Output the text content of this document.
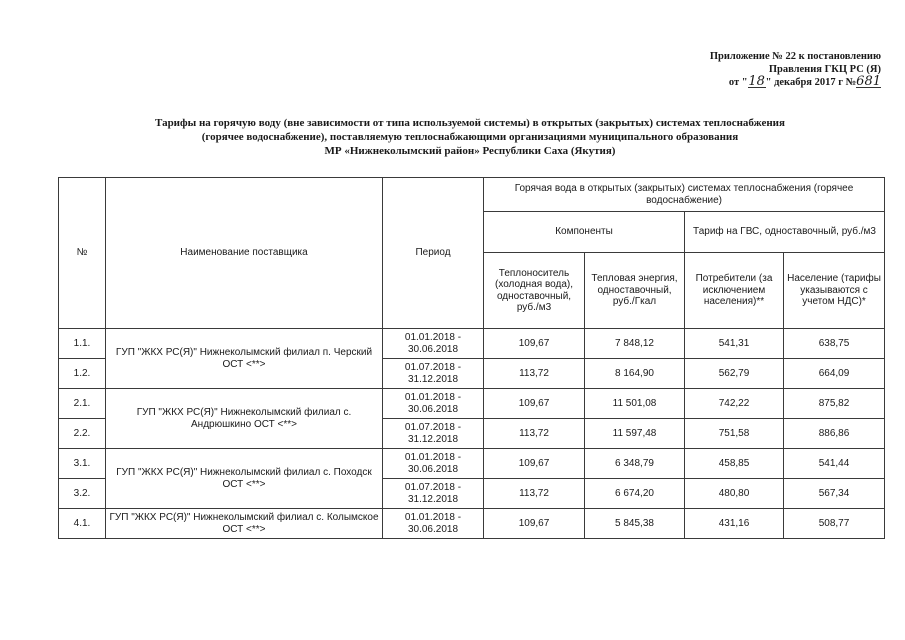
Приложение № 22 к постановлению
Правления ГКЦ РС (Я)
от "18" декабря 2017 г №681
Тарифы на горячую воду (вне зависимости от типа используемой системы) в открытых (закрытых) системах теплоснабжения
(горячее водоснабжение), поставляемую теплоснабжающими организациями муниципального образования
МР «Нижнеколымский район» Республики Саха (Якутия)
№	Наименование поставщика	Период	Горячая вода в открытых (закрытых) системах теплоснабжения (горячее водоснабжение)			
			Компоненты		Тариф на ГВС, одноставочный, руб./м3	
			Теплоноситель (холодная вода), одноставочный, руб./м3	Тепловая энергия, одноставочный, руб./Гкал	Потребители (за исключением населения)**	Население (тарифы указываются с учетом НДС)*
1.1.	ГУП "ЖКХ РС(Я)" Нижнеколымский филиал п. Черский ОСТ <**>	01.01.2018 - 30.06.2018	109,67	7 848,12	541,31	638,75
1.2.		01.07.2018 - 31.12.2018	113,72	8 164,90	562,79	664,09
2.1.	ГУП "ЖКХ РС(Я)" Нижнеколымский филиал с. Андрюшкино ОСТ <**>	01.01.2018 - 30.06.2018	109,67	11 501,08	742,22	875,82
2.2.		01.07.2018 - 31.12.2018	113,72	11 597,48	751,58	886,86
3.1.	ГУП "ЖКХ РС(Я)" Нижнеколымский филиал с. Походск ОСТ <**>	01.01.2018 - 30.06.2018	109,67	6 348,79	458,85	541,44
3.2.		01.07.2018 - 31.12.2018	113,72	6 674,20	480,80	567,34
4.1.	ГУП "ЖКХ РС(Я)" Нижнеколымский филиал с. Колымское ОСТ <**>	01.01.2018 - 30.06.2018	109,67	5 845,38	431,16	508,77
